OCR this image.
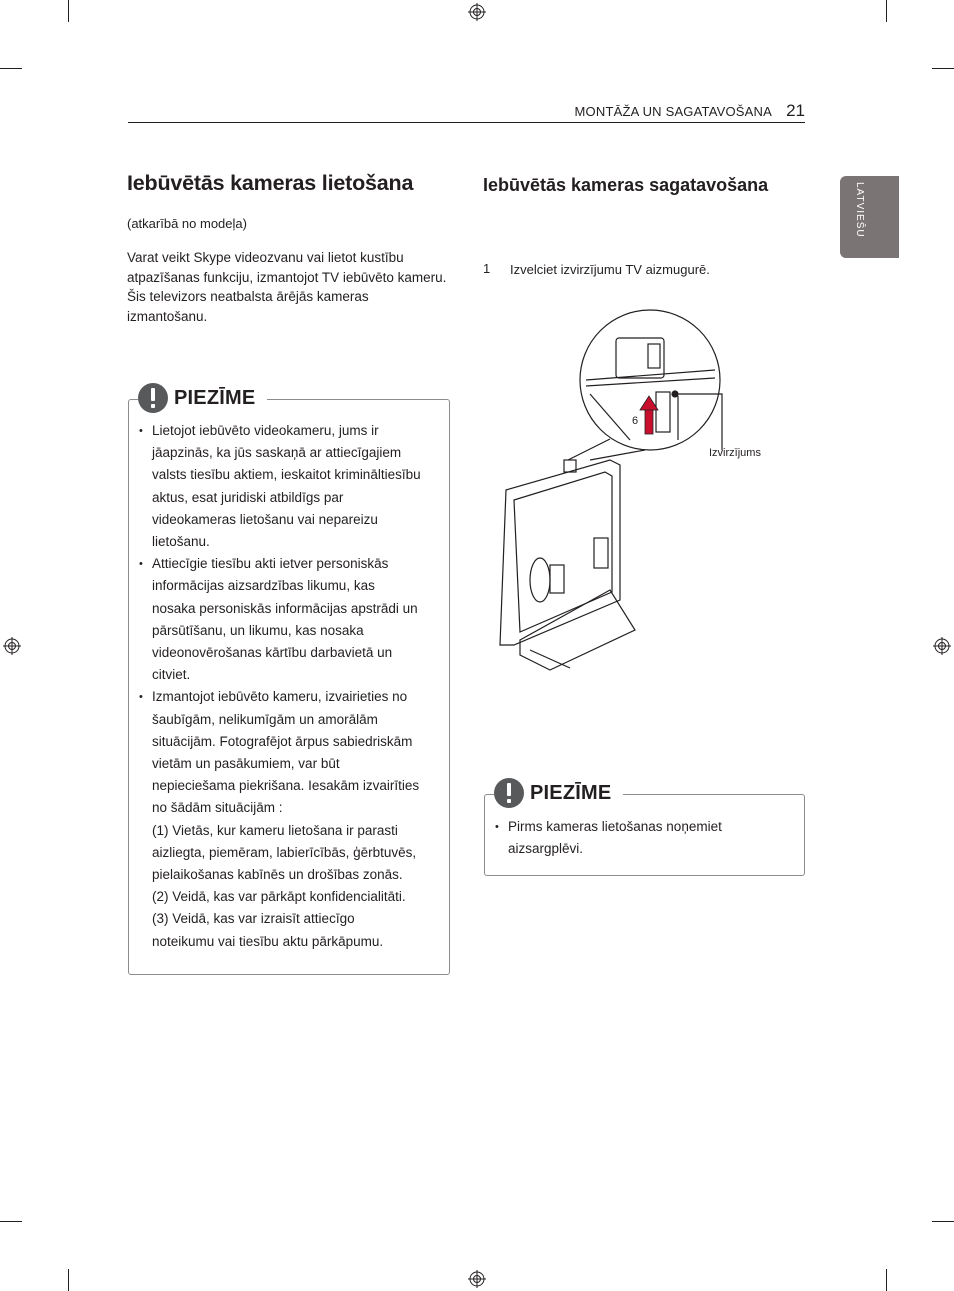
MONTĀŽA UN SAGATAVOŠANA 21
LATVIEŠU
Iebūvētās kameras lietošana
(atkarībā no modeļa)
Varat veikt Skype videozvanu vai lietot kustību atpazīšanas funkciju, izmantojot TV iebūvēto kameru. Šis televizors neatbalsta ārējās kameras izmantošanu.
• Lietojot iebūvēto videokameru, jums ir
jāapzinās, ka jūs saskaņā ar attiecīgajiem
valsts tiesību aktiem, ieskaitot krimināltiesību
aktus, esat juridiski atbildīgs par
videokameras lietošanu vai nepareizu
lietošanu.
• Attiecīgie tiesību akti ietver personiskās
informācijas aizsardzības likumu, kas
nosaka personiskās informācijas apstrādi un
pārsūtīšanu, un likumu, kas nosaka
videonovērošanas kārtību darbavietā un
citviet.
• Izmantojot iebūvēto kameru, izvairieties no
šaubīgām, nelikumīgām un amorālām
situācijām. Fotografējot ārpus sabiedriskām
vietām un pasākumiem, var būt
nepieciešama piekrišana. Iesakām izvairīties
no šādām situācijām :
(1) Vietās, kur kameru lietošana ir parasti
aizliegta, piemēram, labierīcībās, ģērbtuvēs,
pielaikošanas kabīnēs un drošības zonās.
(2) Veidā, kas var pārkāpt konfidencialitāti.
(3) Veidā, kas var izraisīt attiecīgo
noteikumu vai tiesību aktu pārkāpumu.
PIEZĪME
Iebūvētās kameras sagatavošana
1 Izvelciet izvirzījumu TV aizmugurē.
6
Izvirzījums
• Pirms kameras lietošanas noņemiet
aizsargplēvi.
PIEZĪME
